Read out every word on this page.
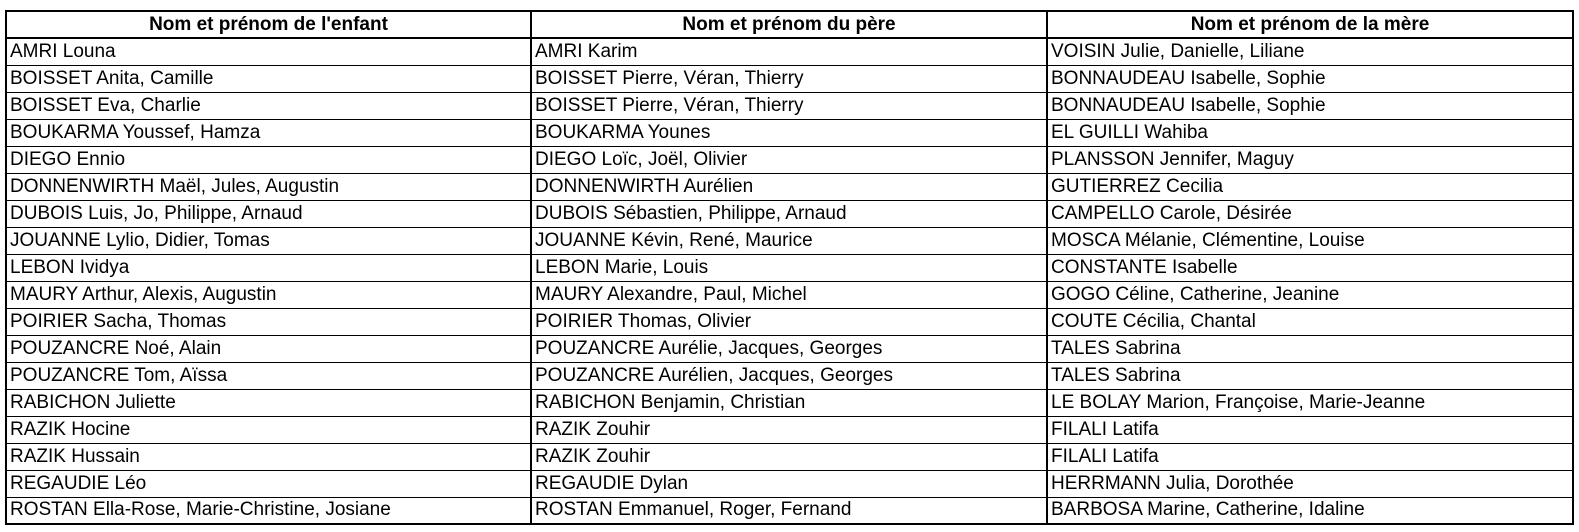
Nom et prénom de l'enfant	Nom et prénom du père	Nom et prénom de la mère
AMRI Louna	AMRI Karim	VOISIN Julie, Danielle, Liliane
BOISSET Anita, Camille	BOISSET Pierre, Véran, Thierry	BONNAUDEAU Isabelle, Sophie
BOISSET Eva, Charlie	BOISSET Pierre, Véran, Thierry	BONNAUDEAU Isabelle, Sophie
BOUKARMA Youssef, Hamza	BOUKARMA Younes	EL GUILLI Wahiba
DIEGO Ennio	DIEGO Loïc, Joël, Olivier	PLANSSON Jennifer, Maguy
DONNENWIRTH Maël, Jules, Augustin	DONNENWIRTH Aurélien	GUTIERREZ Cecilia
DUBOIS Luis, Jo, Philippe, Arnaud	DUBOIS Sébastien, Philippe, Arnaud	CAMPELLO Carole, Désirée
JOUANNE Lylio, Didier, Tomas	JOUANNE Kévin, René, Maurice	MOSCA Mélanie, Clémentine, Louise
LEBON Ividya	LEBON Marie, Louis	CONSTANTE Isabelle
MAURY Arthur, Alexis, Augustin	MAURY Alexandre, Paul, Michel	GOGO Céline, Catherine, Jeanine
POIRIER Sacha, Thomas	POIRIER Thomas, Olivier	COUTE Cécilia, Chantal
POUZANCRE Noé, Alain	POUZANCRE Aurélie, Jacques, Georges	TALES Sabrina
POUZANCRE Tom, Aïssa	POUZANCRE Aurélien, Jacques, Georges	TALES Sabrina
RABICHON Juliette	RABICHON Benjamin, Christian	LE BOLAY Marion, Françoise, Marie-Jeanne
RAZIK Hocine	RAZIK Zouhir	FILALI Latifa
RAZIK Hussain	RAZIK Zouhir	FILALI Latifa
REGAUDIE Léo	REGAUDIE Dylan	HERRMANN Julia, Dorothée
ROSTAN Ella-Rose, Marie-Christine, Josiane	ROSTAN Emmanuel, Roger, Fernand	BARBOSA Marine, Catherine, Idaline
